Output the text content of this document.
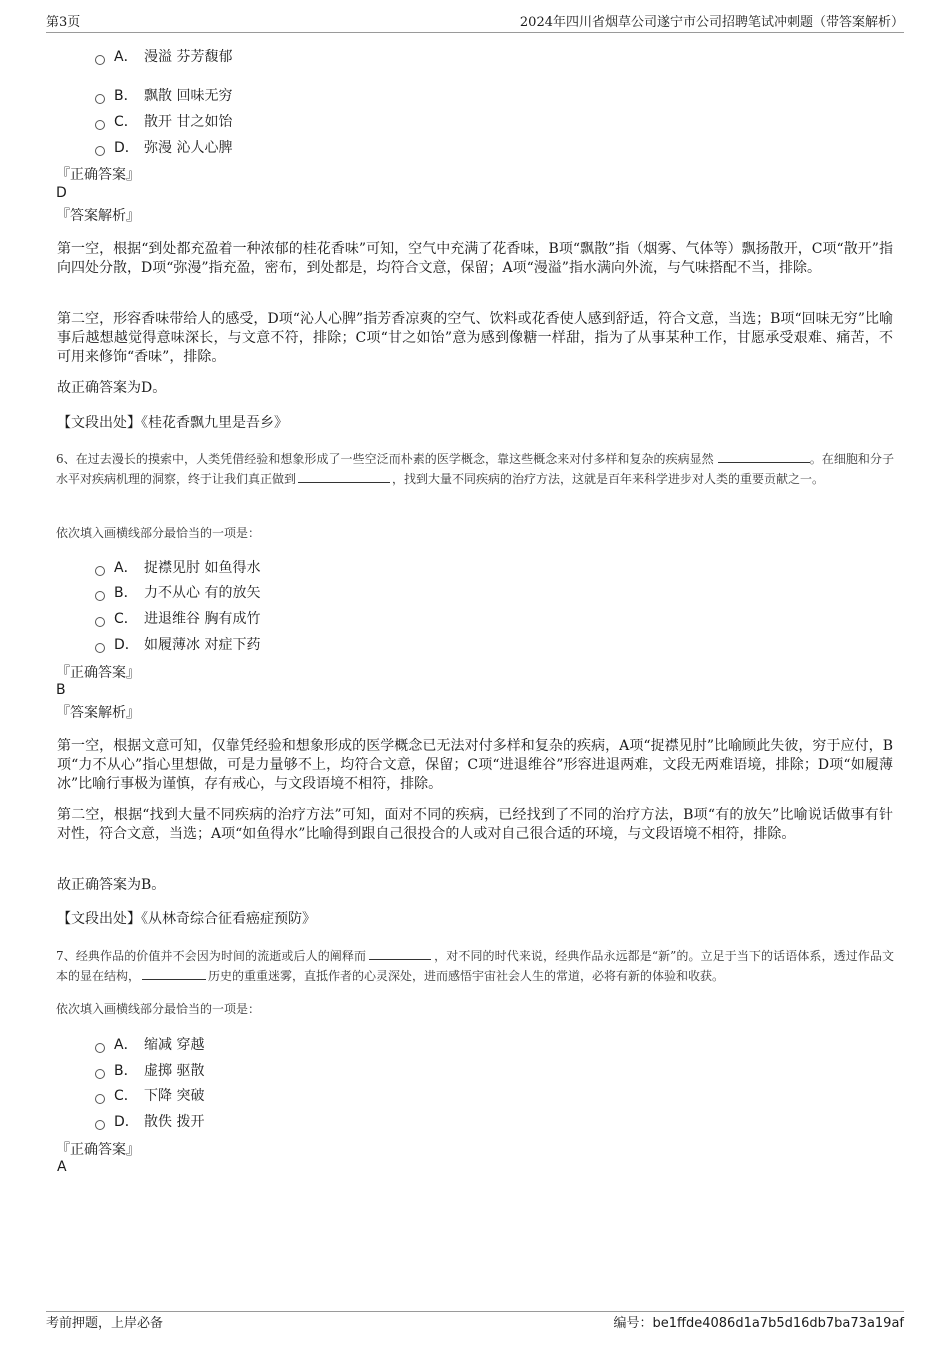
第3页	2024年四川省烟草公司遂宁市公司招聘笔试冲刺题（带答案解析）
A． 漫溢 芬芳馥郁
B． 飘散 回味无穷
C． 散开 甘之如饴
D． 弥漫 沁人心脾
『正确答案』
D
『答案解析』
第一空，根据“到处都充盈着一种浓郁的桂花香味”可知，空气中充满了花香味，B项“飘散”指（烟雾、气体等）飘扬散开，C项“散开”指向四处分散，D项“弥漫”指充盈，密布，到处都是，均符合文意，保留；A项“漫溢”指水满向外流，与气味搭配不当，排除。
第二空，形容香味带给人的感受，D项“沁人心脾”指芳香凉爽的空气、饮料或花香使人感到舒适，符合文意，当选；B项“回味无穷”比喻事后越想越觉得意味深长，与文意不符，排除；C项“甘之如饴”意为感到像糖一样甜，指为了从事某种工作，甘愿承受艰难、痛苦，不可用来修饰“香味”，排除。
故正确答案为D。
【文段出处】《桂花香飘九里是吾乡》
6、在过去漫长的摸索中，人类凭借经验和想象形成了一些空泛而朴素的医学概念，靠这些概念来对付多样和复杂的疾病显然	。在细胞和分子水平对疾病机理的洞察，终于让我们真正做到	，找到大量不同疾病的治疗方法，这就是百年来科学进步对人类的重要贡献之一。
依次填入画横线部分最恰当的一项是：
A． 捉襟见肘 如鱼得水
B． 力不从心 有的放矢
C． 进退维谷 胸有成竹
D． 如履薄冰 对症下药
『正确答案』
B
『答案解析』
第一空，根据文意可知，仅靠凭经验和想象形成的医学概念已无法对付多样和复杂的疾病，A项“捉襟见肘”比喻顾此失彼，穷于应付，B项“力不从心”指心里想做，可是力量够不上，均符合文意，保留；C项“进退维谷”形容进退两难，文段无两难语境，排除；D项“如履薄冰”比喻行事极为谨慎，存有戒心，与文段语境不相符，排除。
第二空，根据“找到大量不同疾病的治疗方法”可知，面对不同的疾病，已经找到了不同的治疗方法，B项“有的放矢”比喻说话做事有针对性，符合文意，当选；A项“如鱼得水”比喻得到跟自己很投合的人或对自己很合适的环境，与文段语境不相符，排除。
故正确答案为B。
【文段出处】《从林奇综合征看癌症预防》
7、经典作品的价值并不会因为时间的流逝或后人的阐释而	，对不同的时代来说，经典作品永远都是“新”的。立足于当下的话语体系，透过作品文本的显在结构，	历史的重重迷雾，直抵作者的心灵深处，进而感悟宇宙社会人生的常道，必将有新的体验和收获。
依次填入画横线部分最恰当的一项是：
A． 缩减 穿越
B． 虚掷 驱散
C． 下降 突破
D． 散佚 拨开
『正确答案』
A
考前押题，上岸必备	编号：be1ffde4086d1a7b5d16db7ba73a19af
